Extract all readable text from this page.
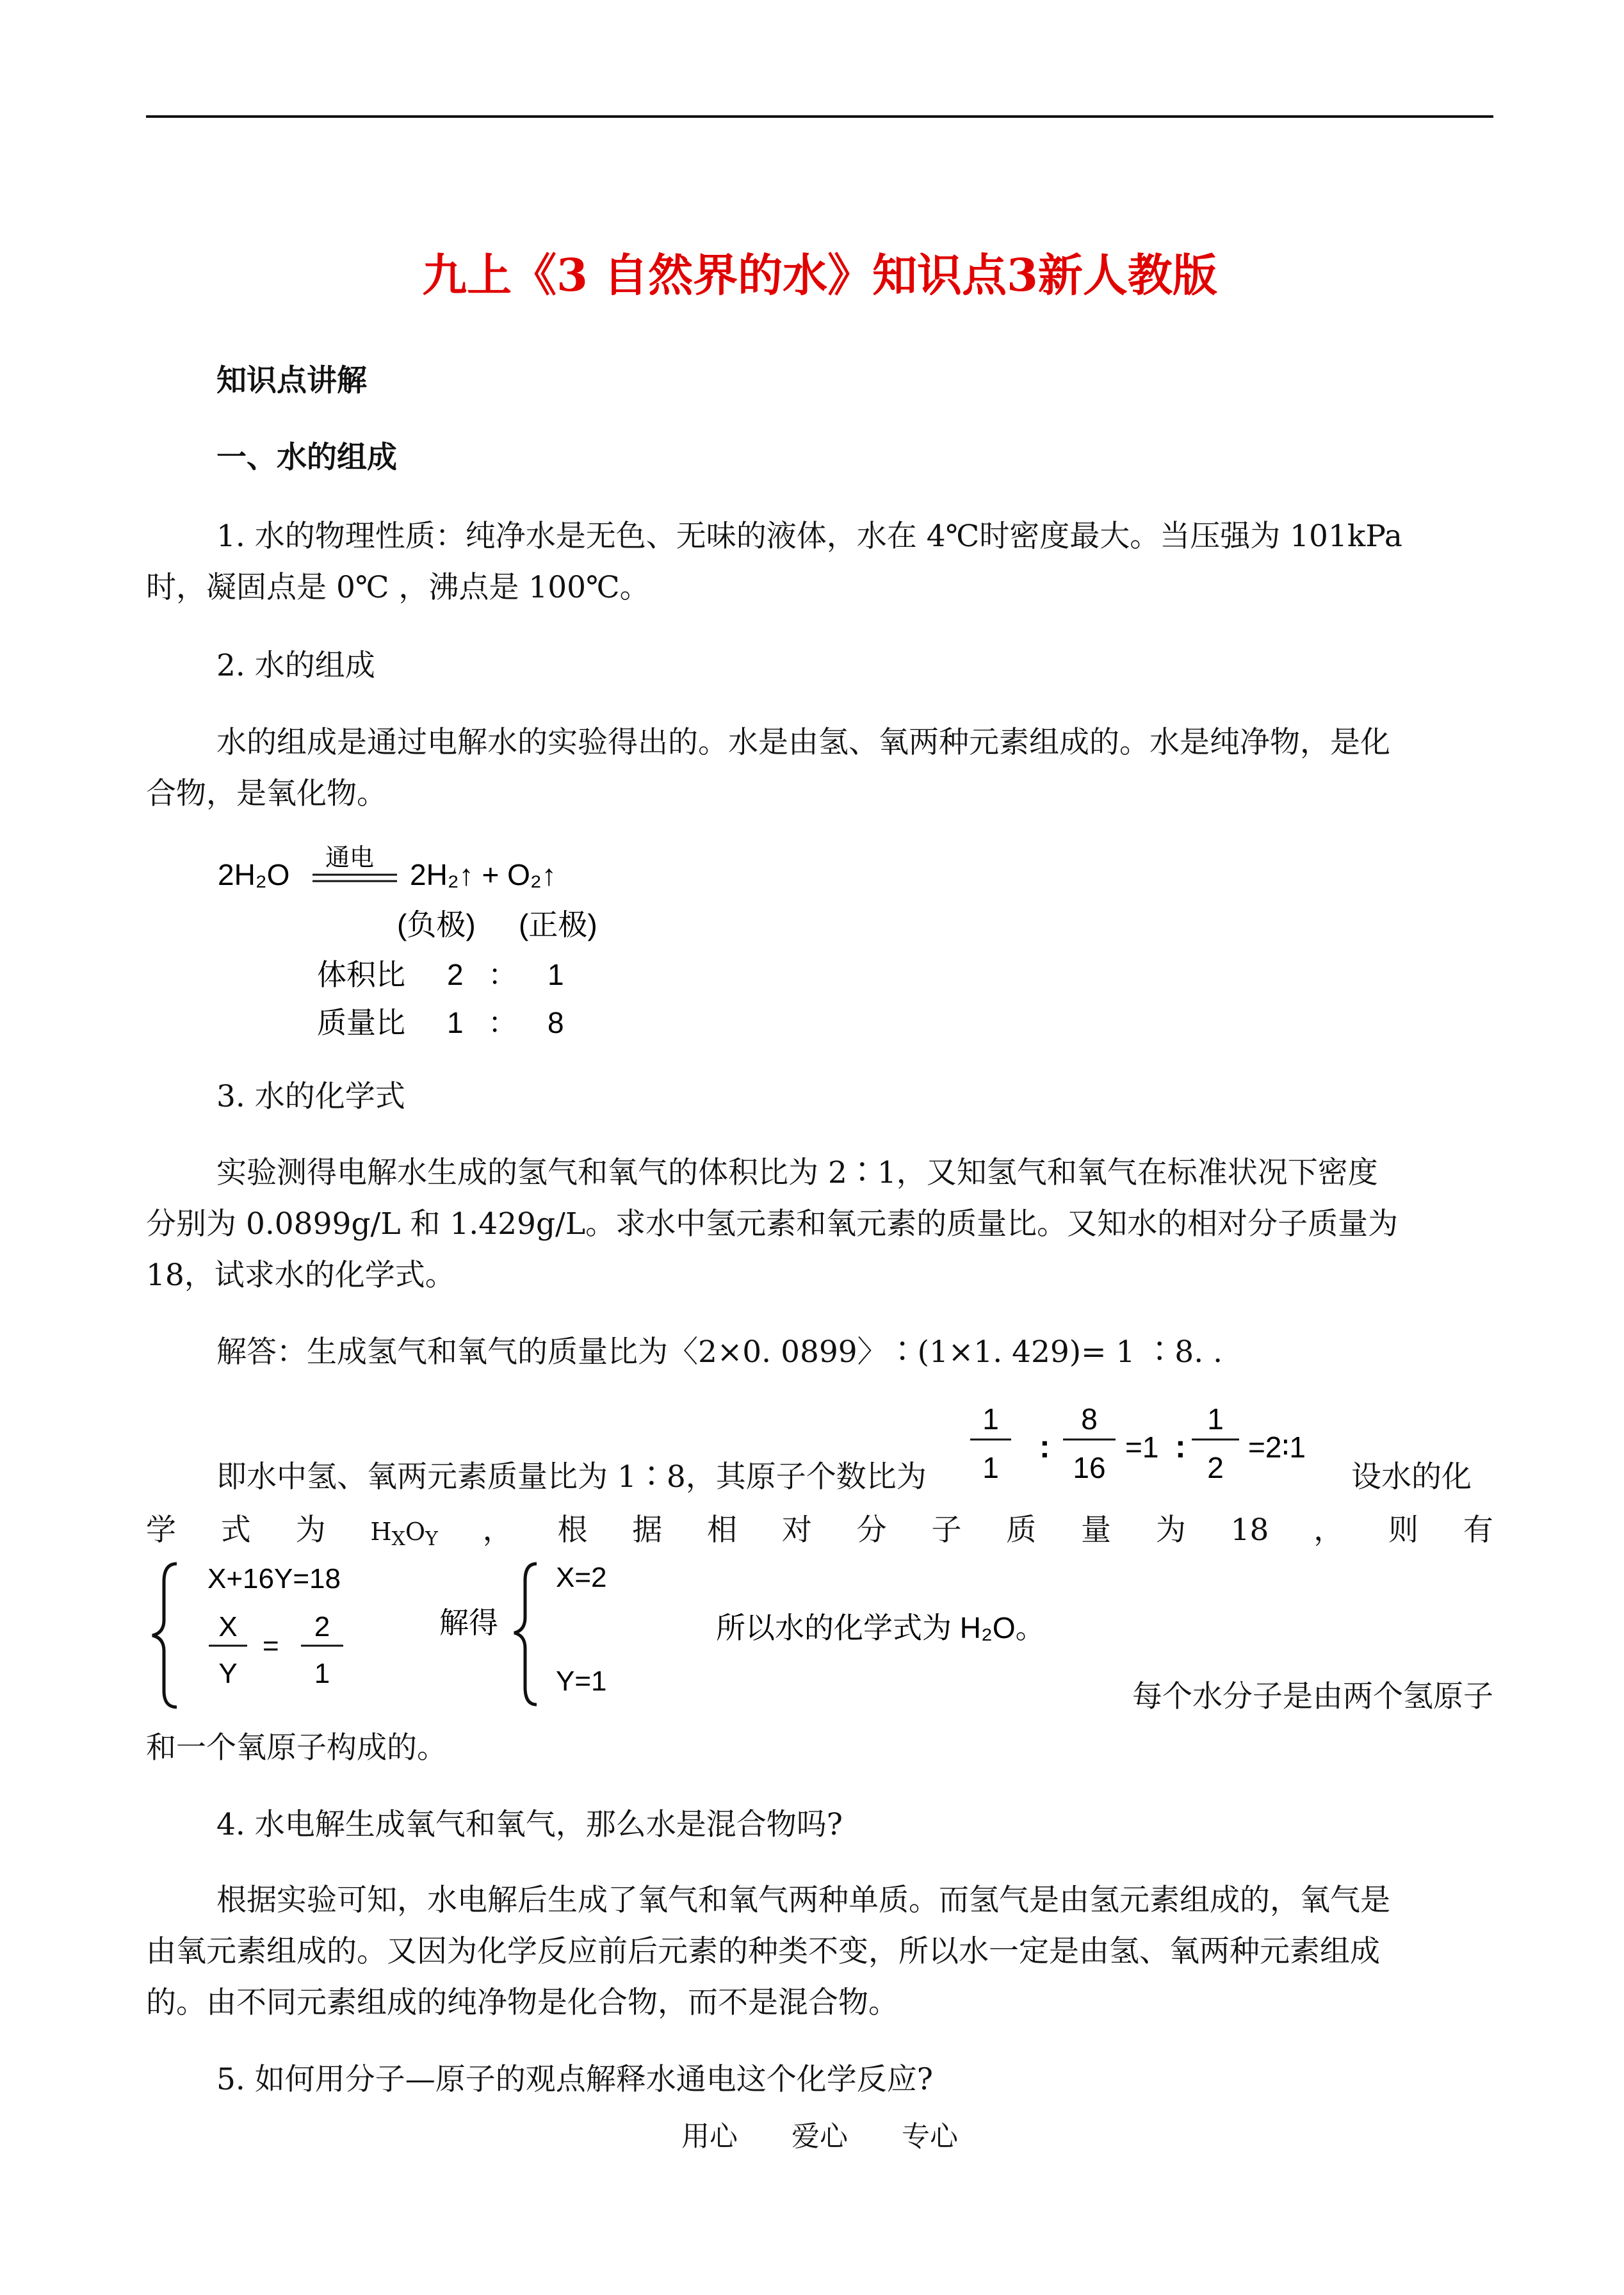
九上《3 自然界的水》知识点3新人教版

知识点讲解

一、水的组成

1. 水的物理性质：纯净水是无色、无味的液体，水在 4℃时密度最大。当压强为 101kPa

时，凝固点是 0℃ ，沸点是 100℃。

2. 水的组成

水的组成是通过电解水的实验得出的。水是由氢、氧两种元素组成的。水是纯净物，是化

合物，是氧化物。

2H₂O 通电 2H₂↑ + O₂↑
(负极) (正极)
体积比 2 ： 1
质量比 1 ： 8

3. 水的化学式

实验测得电解水生成的氢气和氧气的体积比为 2∶1，又知氢气和氧气在标准状况下密度

分别为 0.0899g/L 和 1.429g/L。求水中氢元素和氧元素的质量比。又知水的相对分子质量为

18，试求水的化学式。

解答：生成氢气和氧气的质量比为〈2×0. 0899〉∶(1×1. 429)= 1 ∶8. .

即水中氢、氧两元素质量比为 1∶8，其原子个数比为

1
1
:
8
16
=1 :
1
2
=2∶1

设水的化

学 式 为 $H_XO_Y$ ， 根 据 相 对 分 子 质 量 为 18 ， 则 有
X+16Y=18
X
Y
=
2
1
解得
X=2
Y=1
所以水的化学式为 H₂O。

每个水分子是由两个氢原子

和一个氧原子构成的。

4. 水电解生成氧气和氧气，那么水是混合物吗?

根据实验可知，水电解后生成了氧气和氧气两种单质。而氢气是由氢元素组成的，氧气是

由氧元素组成的。又因为化学反应前后元素的种类不变，所以水一定是由氢、氧两种元素组成

的。由不同元素组成的纯净物是化合物，而不是混合物。

5. 如何用分子—原子的观点解释水通电这个化学反应?

用心 爱心 专心
